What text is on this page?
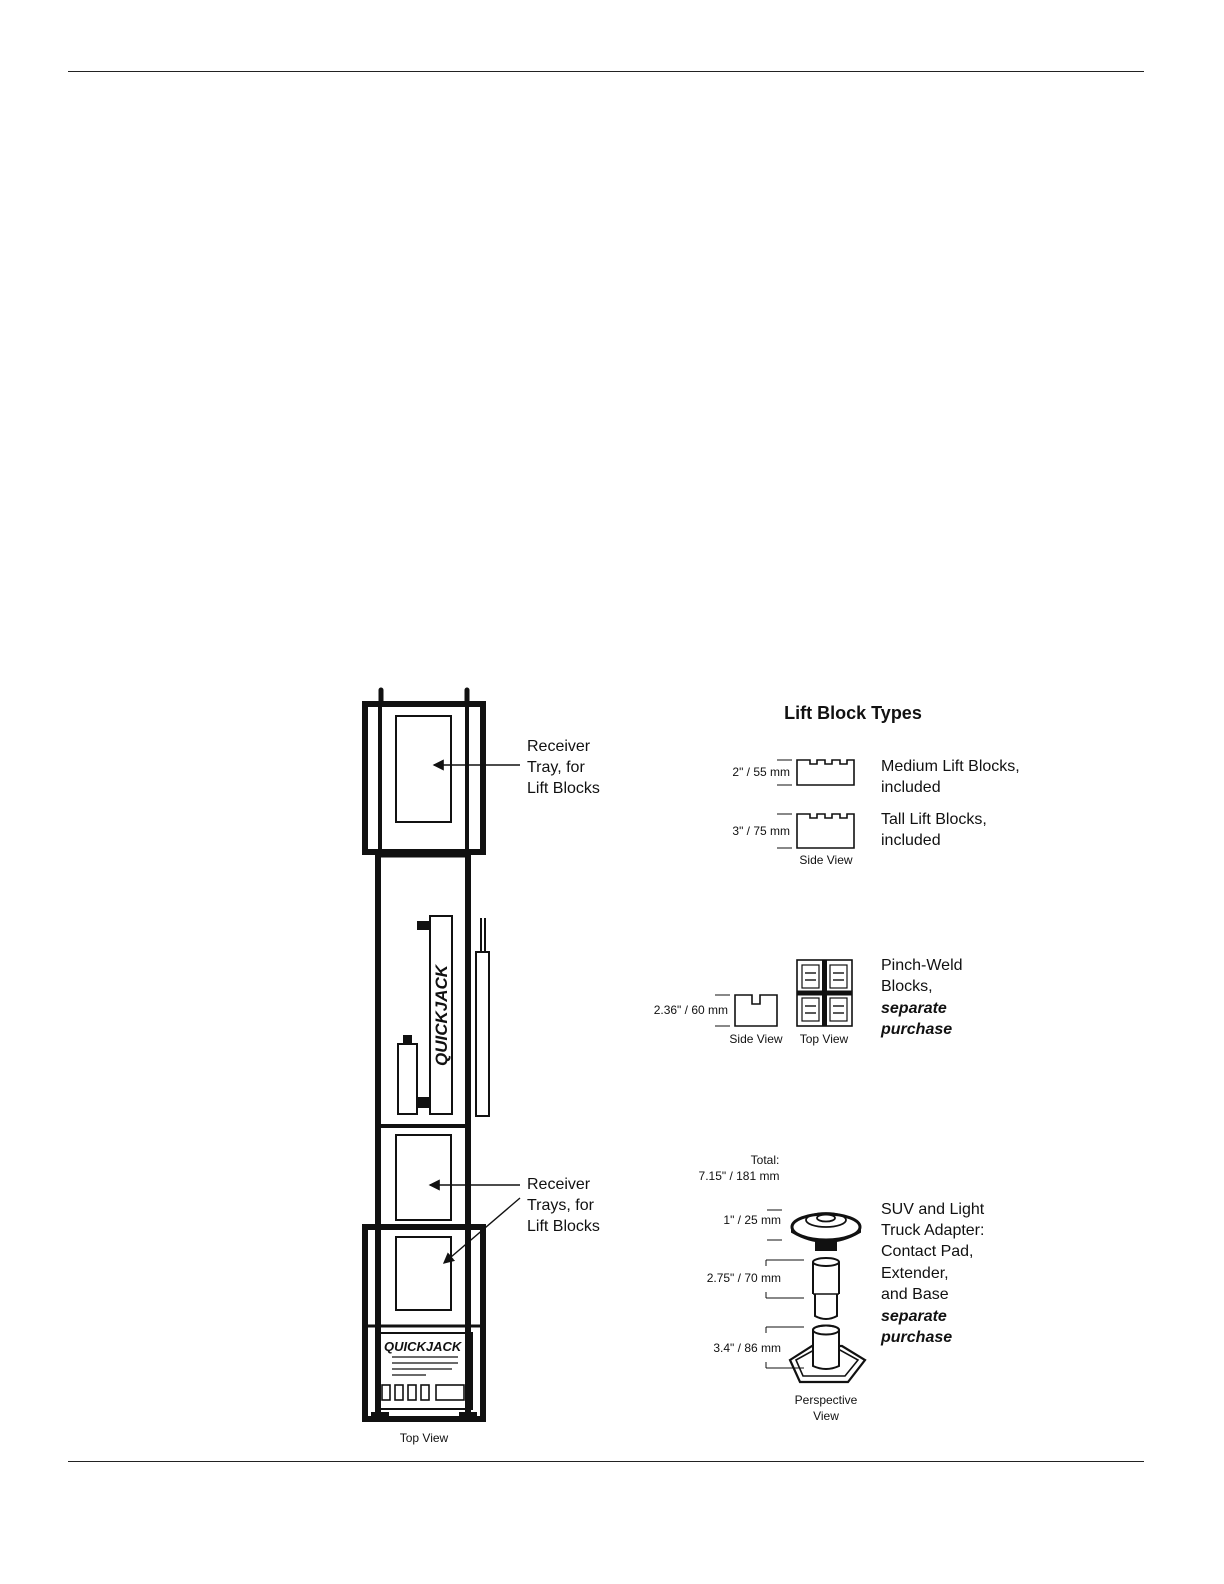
QUICKJACK
QUICKJACK
Receiver
Tray, for
Lift Blocks
Receiver
Trays, for
Lift Blocks
Top View
Lift Block Types
2" / 55 mm	Medium Lift Blocks,
included
3" / 75 mm
Side View
Tall Lift Blocks,
included
2.36" / 60 mm
Side View Top View
Pinch-Weld
Blocks,
separate
purchase
Total:
7.15" / 181 mm
1" / 25 mm
2.75" / 70 mm
3.4" / 86 mm
Perspective
View
SUV and Light
Truck Adapter:
Contact Pad,
Extender,
and Base
separate
purchase
